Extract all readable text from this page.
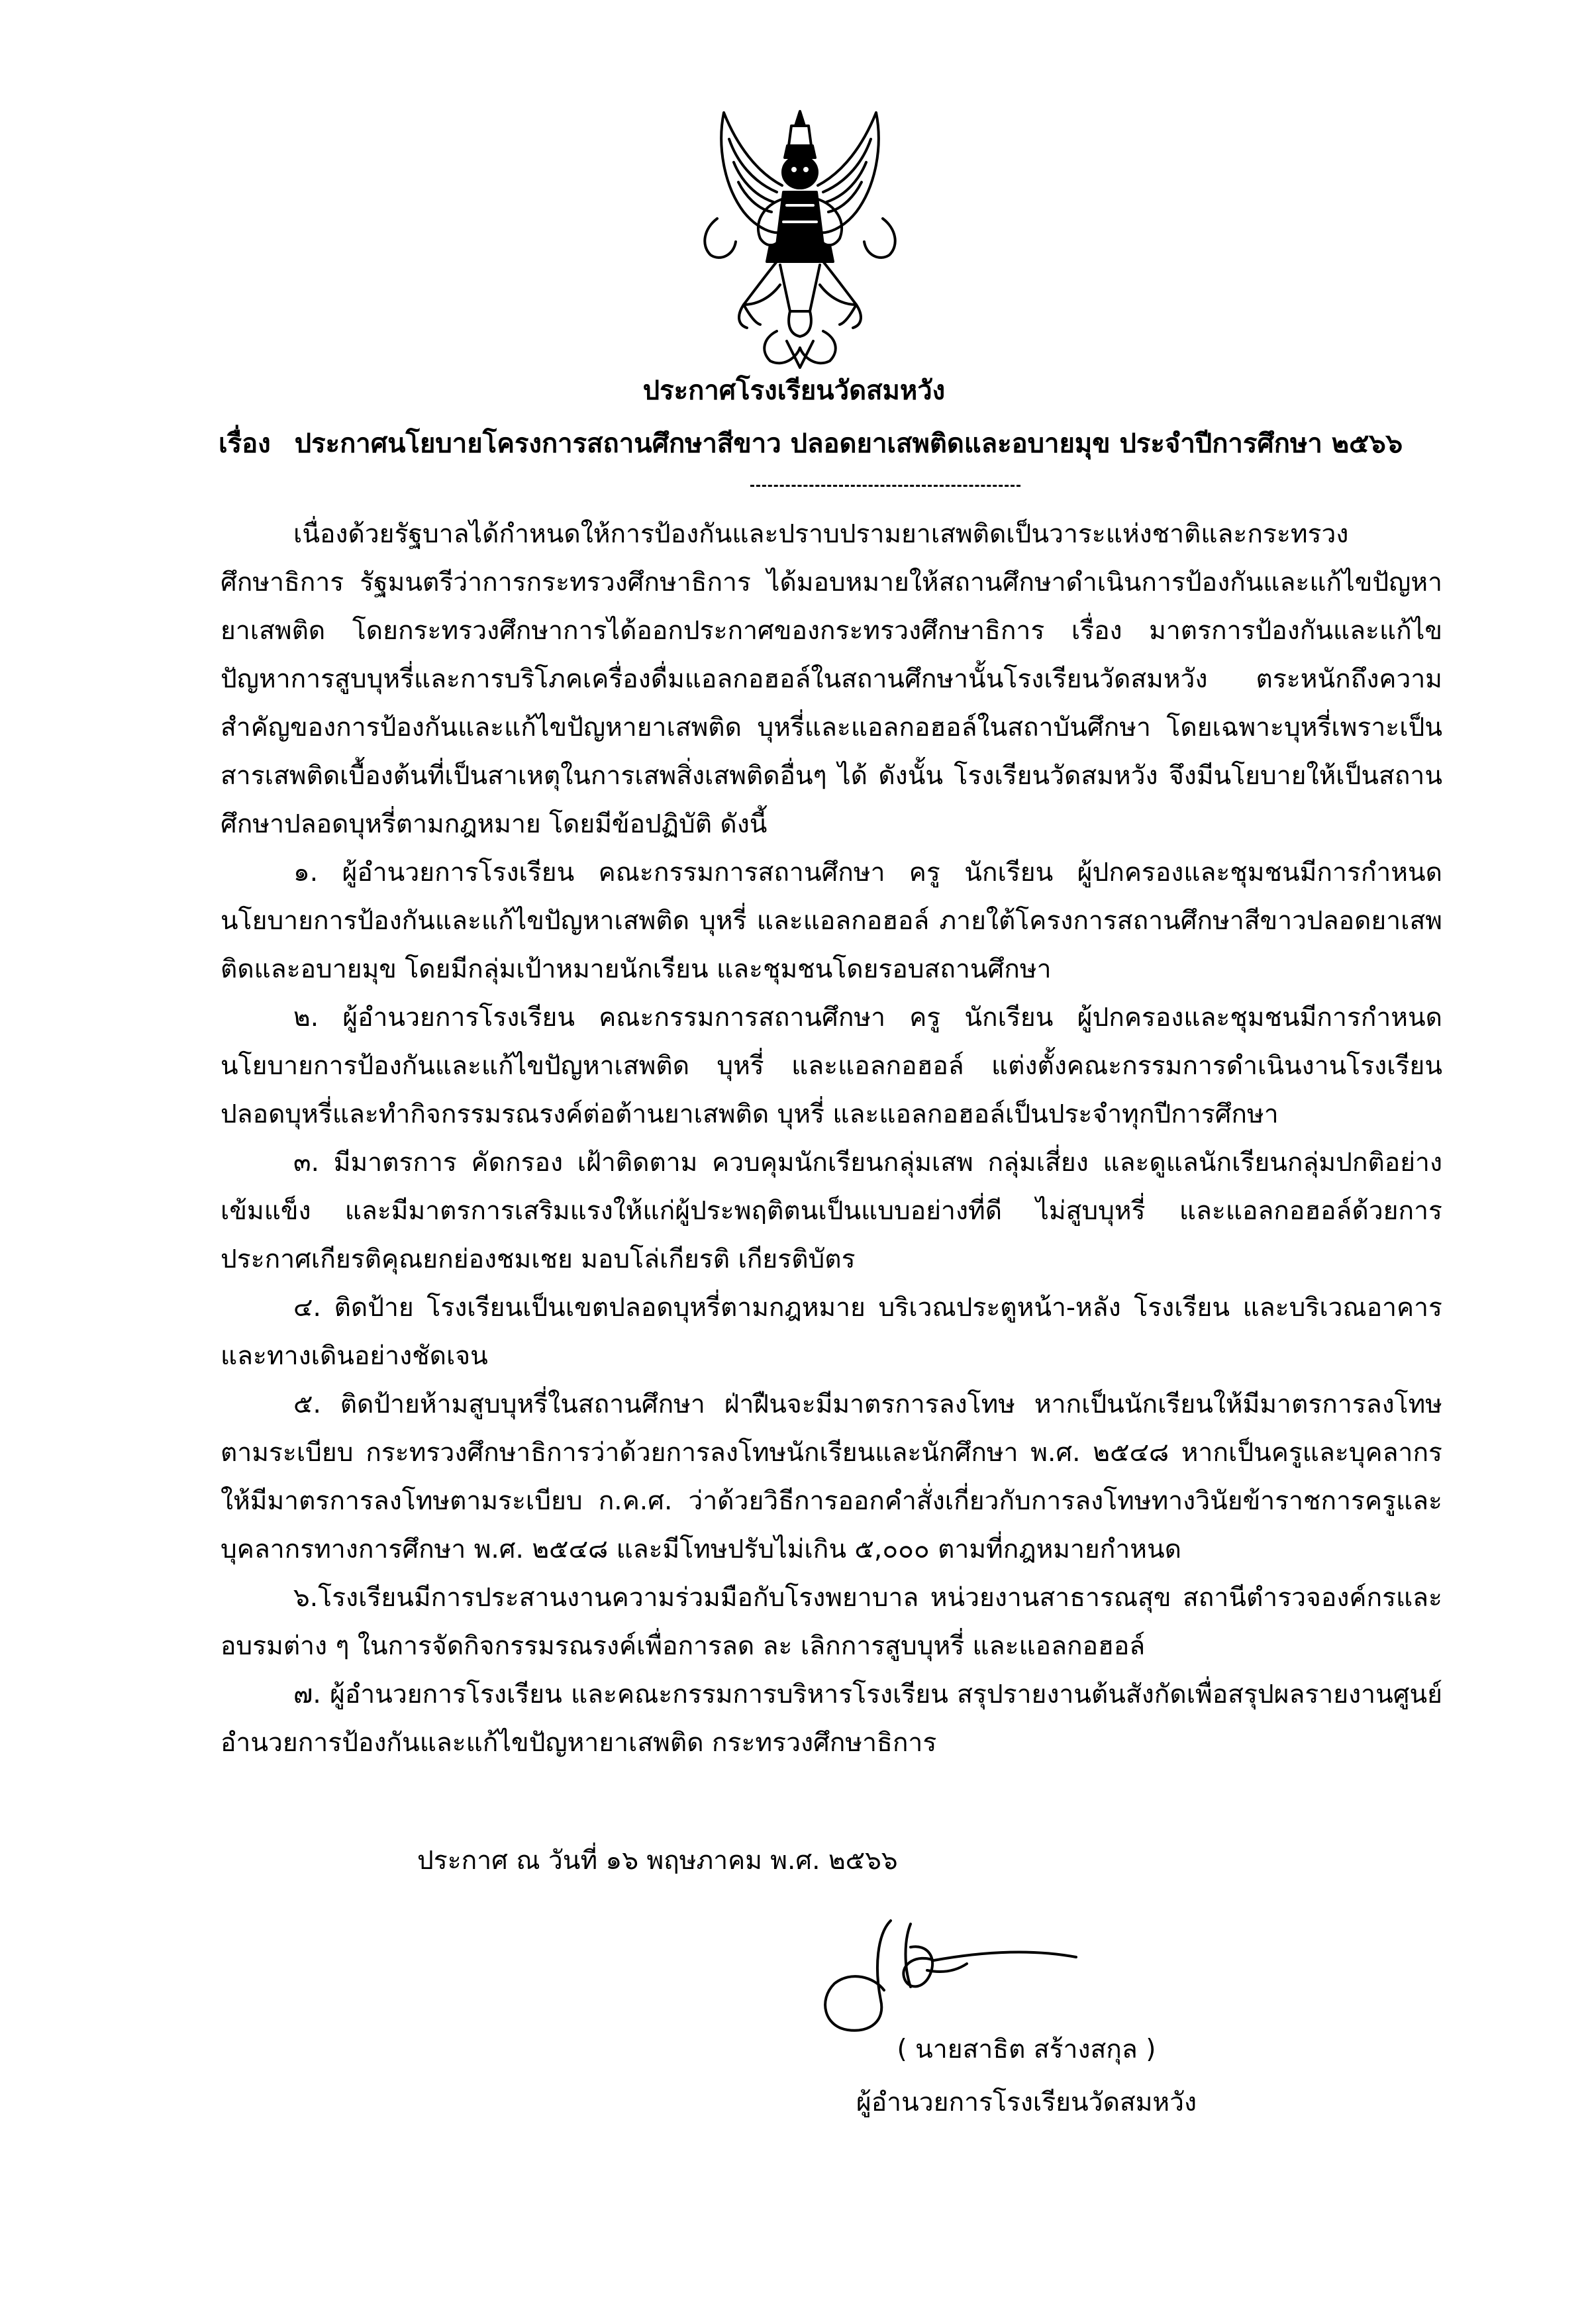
ประกาศโรงเรียนวัดสมหวัง
เรื่อง ประกาศนโยบายโครงการสถานศึกษาสีขาว ปลอดยาเสพติดและอบายมุข ประจำปีการศึกษา ๒๕๖๖

เนื่องด้วยรัฐบาลได้กำหนดให้การป้องกันและปราบปรามยาเสพติดเป็นวาระแห่งชาติและกระทรวงศึกษาธิการ รัฐมนตรีว่าการกระทรวงศึกษาธิการ ได้มอบหมายให้สถานศึกษาดำเนินการป้องกันและแก้ไขปัญหายาเสพติด โดยกระทรวงศึกษาการได้ออกประกาศของกระทรวงศึกษาธิการ เรื่อง มาตรการป้องกันและแก้ไขปัญหาการสูบบุหรี่และการบริโภคเครื่องดื่มแอลกอฮอล์ในสถานศึกษานั้นโรงเรียนวัดสมหวัง ตระหนักถึงความสำคัญของการป้องกันและแก้ไขปัญหายาเสพติด บุหรี่และแอลกอฮอล์ในสถาบันศึกษา โดยเฉพาะบุหรี่เพราะเป็นสารเสพติดเบื้องต้นที่เป็นสาเหตุในการเสพสิ่งเสพติดอื่นๆ ได้ ดังนั้น โรงเรียนวัดสมหวัง จึงมีนโยบายให้เป็นสถานศึกษาปลอดบุหรี่ตามกฎหมาย โดยมีข้อปฏิบัติ ดังนี้

๑. ผู้อำนวยการโรงเรียน คณะกรรมการสถานศึกษา ครู นักเรียน ผู้ปกครองและชุมชนมีการกำหนดนโยบายการป้องกันและแก้ไขปัญหาเสพติด บุหรี่ และแอลกอฮอล์ ภายใต้โครงการสถานศึกษาสีขาวปลอดยาเสพติดและอบายมุข โดยมีกลุ่มเป้าหมายนักเรียน และชุมชนโดยรอบสถานศึกษา

๒. ผู้อำนวยการโรงเรียน คณะกรรมการสถานศึกษา ครู นักเรียน ผู้ปกครองและชุมชนมีการกำหนดนโยบายการป้องกันและแก้ไขปัญหาเสพติด บุหรี่ และแอลกอฮอล์ แต่งตั้งคณะกรรมการดำเนินงานโรงเรียนปลอดบุหรี่และทำกิจกรรมรณรงค์ต่อต้านยาเสพติด บุหรี่ และแอลกอฮอล์เป็นประจำทุกปีการศึกษา

๓. มีมาตรการ คัดกรอง เฝ้าติดตาม ควบคุมนักเรียนกลุ่มเสพ กลุ่มเสี่ยง และดูแลนักเรียนกลุ่มปกติอย่างเข้มแข็ง และมีมาตรการเสริมแรงให้แก่ผู้ประพฤติตนเป็นแบบอย่างที่ดี ไม่สูบบุหรี่ และแอลกอฮอล์ด้วยการประกาศเกียรติคุณยกย่องชมเชย มอบโล่เกียรติ เกียรติบัตร

๔. ติดป้าย โรงเรียนเป็นเขตปลอดบุหรี่ตามกฎหมาย บริเวณประตูหน้า-หลัง โรงเรียน และบริเวณอาคารและทางเดินอย่างชัดเจน

๕. ติดป้ายห้ามสูบบุหรี่ในสถานศึกษา ฝ่าฝืนจะมีมาตรการลงโทษ หากเป็นนักเรียนให้มีมาตรการลงโทษตามระเบียบ กระทรวงศึกษาธิการว่าด้วยการลงโทษนักเรียนและนักศึกษา พ.ศ. ๒๕๔๘ หากเป็นครูและบุคลากรให้มีมาตรการลงโทษตามระเบียบ ก.ค.ศ. ว่าด้วยวิธีการออกคำสั่งเกี่ยวกับการลงโทษทางวินัยข้าราชการครูและบุคลากรทางการศึกษา พ.ศ. ๒๕๔๘ และมีโทษปรับไม่เกิน ๕,๐๐๐ ตามที่กฎหมายกำหนด

๖.โรงเรียนมีการประสานงานความร่วมมือกับโรงพยาบาล หน่วยงานสาธารณสุข สถานีตำรวจองค์กรและอบรมต่าง ๆ ในการจัดกิจกรรมรณรงค์เพื่อการลด ละ เลิกการสูบบุหรี่ และแอลกอฮอล์

๗. ผู้อำนวยการโรงเรียน และคณะกรรมการบริหารโรงเรียน สรุปรายงานต้นสังกัดเพื่อสรุปผลรายงานศูนย์อำนวยการป้องกันและแก้ไขปัญหายาเสพติด กระทรวงศึกษาธิการ

ประกาศ ณ วันที่ ๑๖ พฤษภาคม พ.ศ. ๒๕๖๖
( นายสาธิต สร้างสกุล )
ผู้อำนวยการโรงเรียนวัดสมหวัง
